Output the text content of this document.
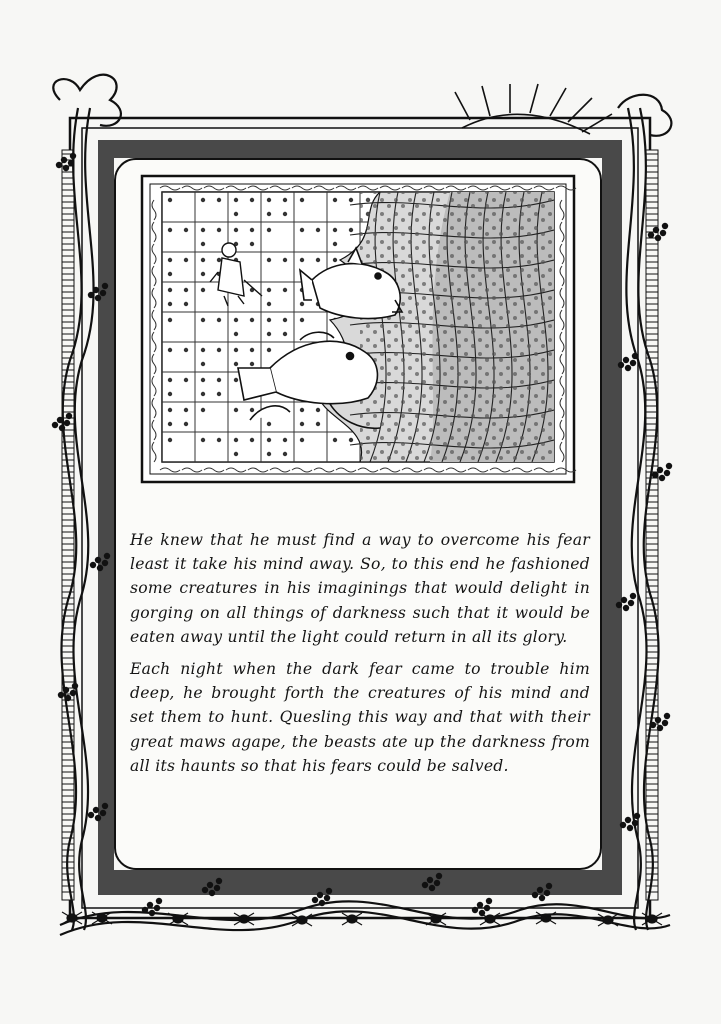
He knew that he must find a way to overcome his fear least it take his mind away. So, to this end he fashioned some creatures in his imaginings that would delight in gorging on all things of darkness such that it would be eaten away until the light could return in all its glory.

Each night when the dark fear came to trouble him deep, he brought forth the creatures of his mind and set them to hunt. Quesling this way and that with their great maws agape, the beasts ate up the darkness from all its haunts so that his fears could be salved.
